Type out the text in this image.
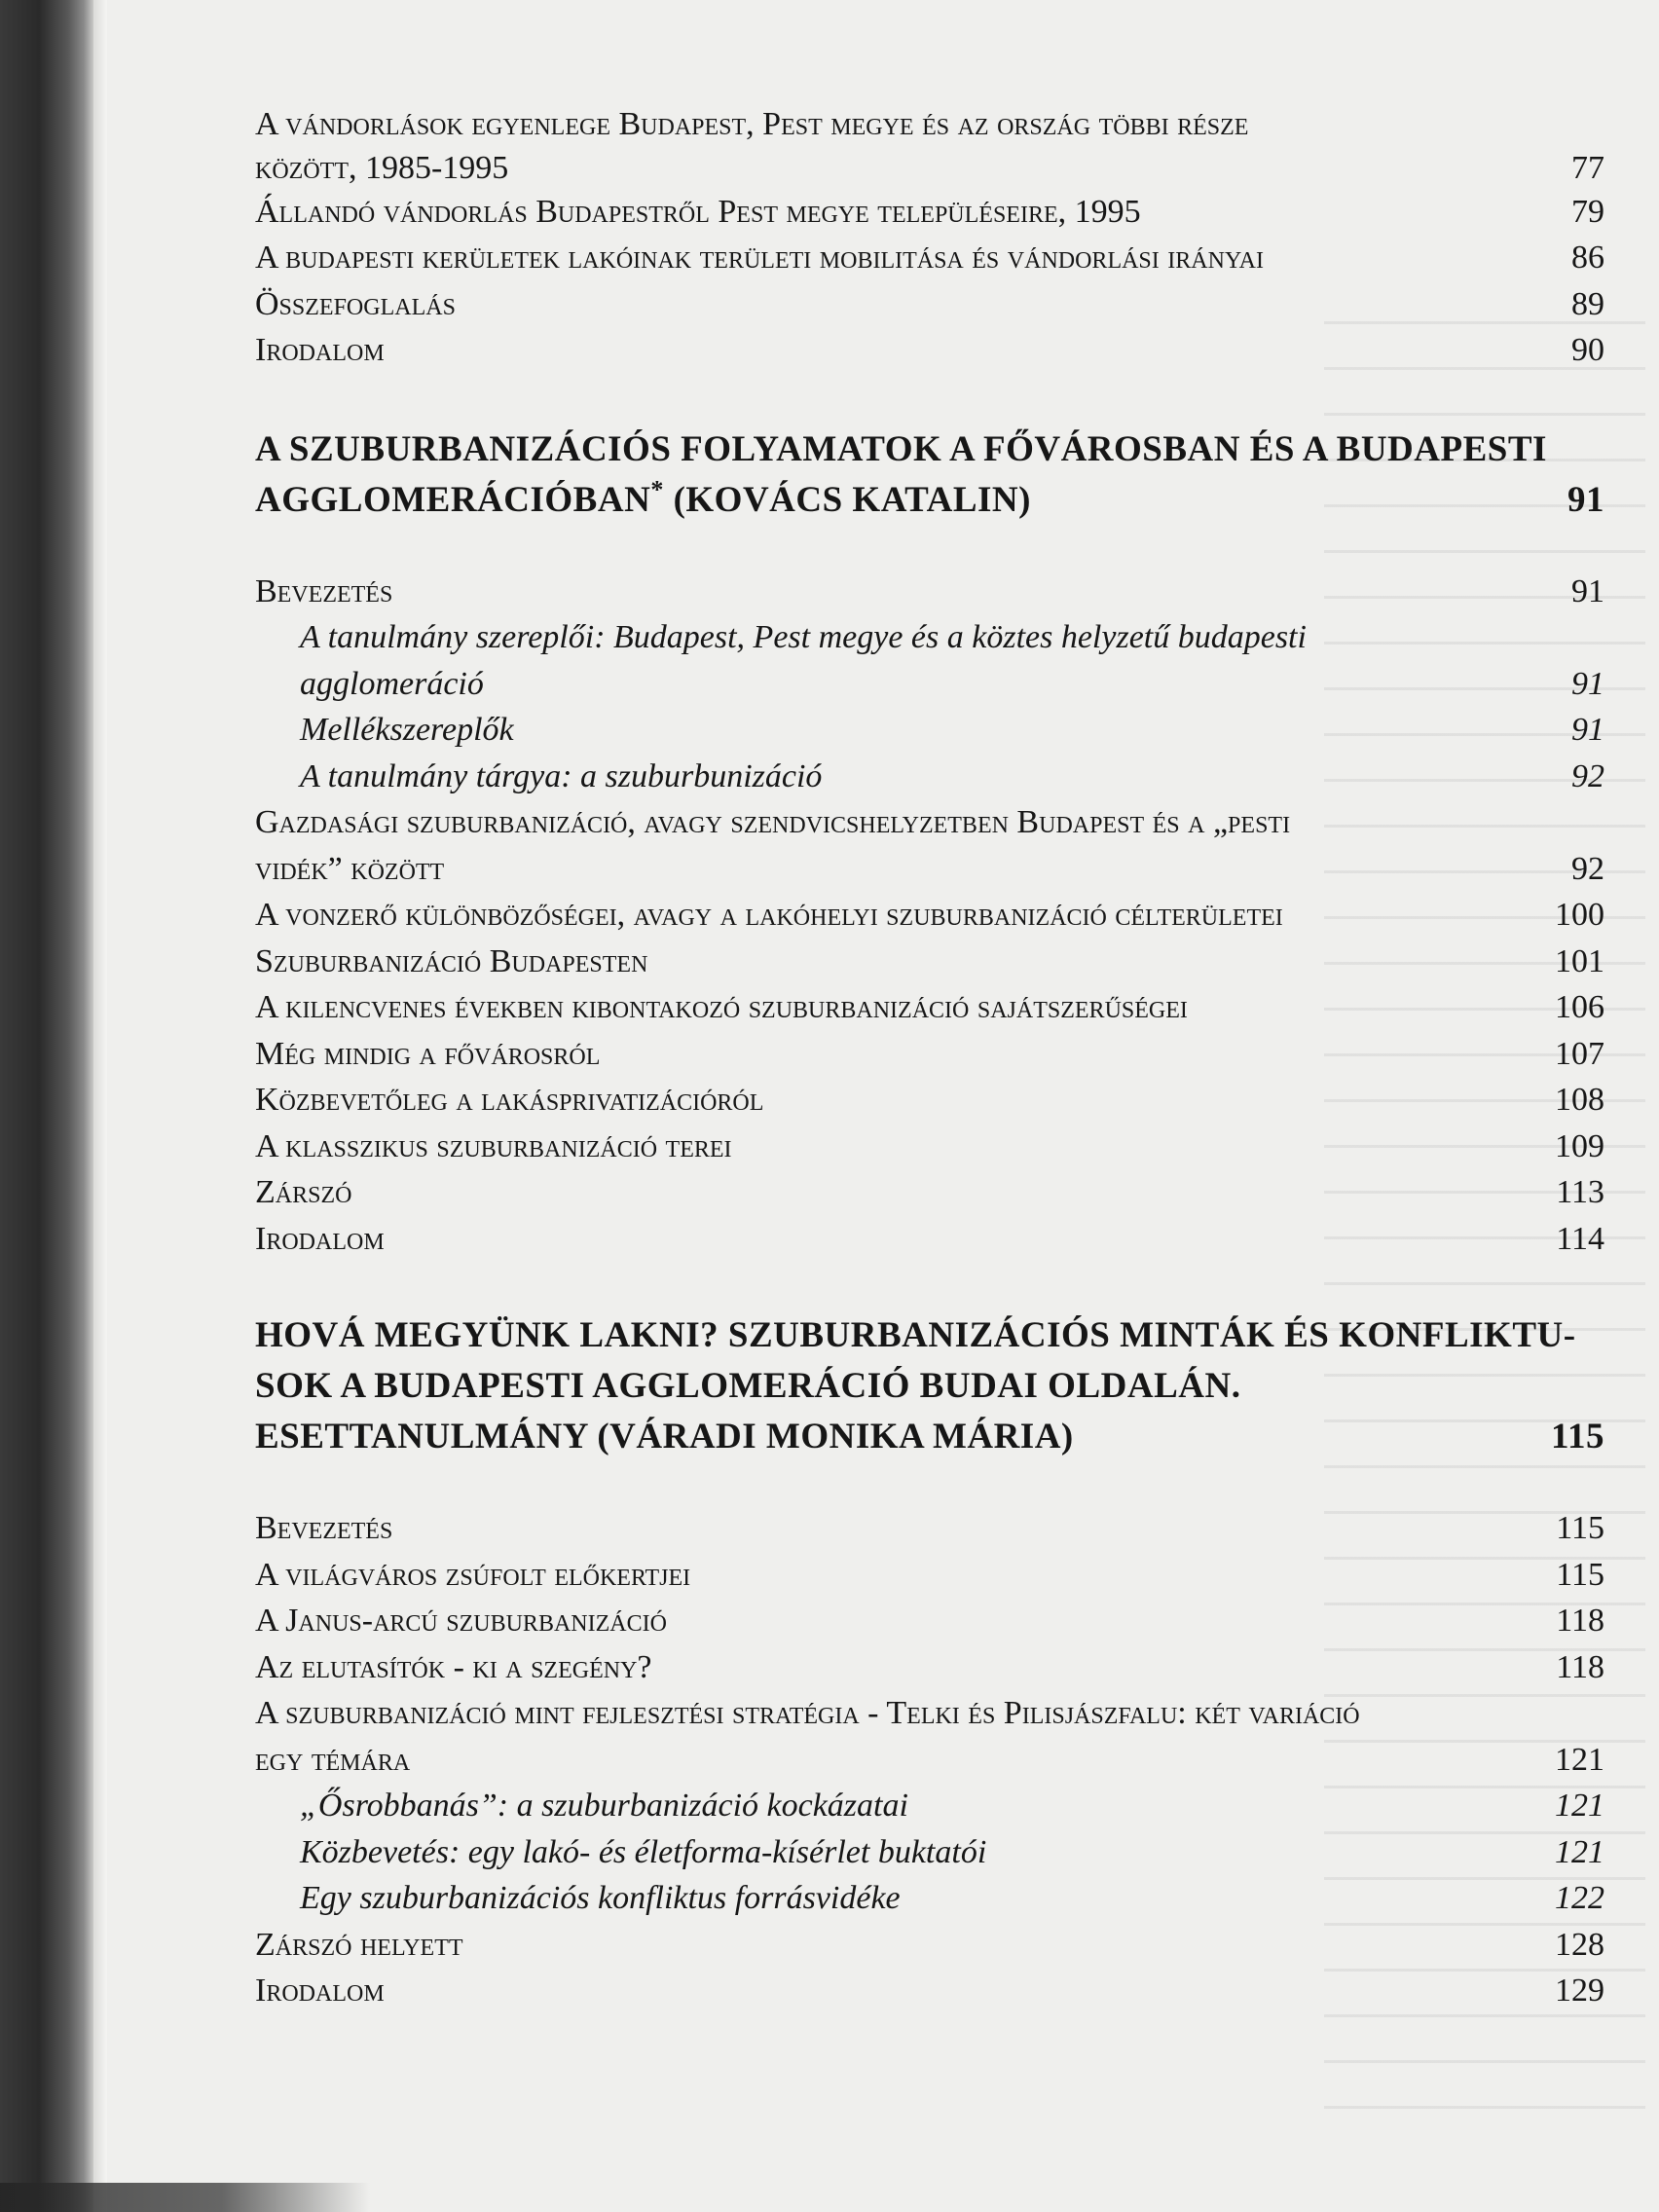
A vándorlások egyenlege Budapest, Pest megye és az ország többi része
között, 1985-1995	77
Állandó vándorlás Budapestről Pest megye településeire, 1995	79
A budapesti kerületek lakóinak területi mobilitása és vándorlási irányai	86
Összefoglalás	89
Irodalom	90
A SZUBURBANIZÁCIÓS FOLYAMATOK A FŐVÁROSBAN ÉS A BUDAPESTI
AGGLOMERÁCIÓBAN* (KOVÁCS KATALIN)	91
Bevezetés	91
A tanulmány szereplői: Budapest, Pest megye és a köztes helyzetű budapesti
agglomeráció	91
Mellékszereplők	91
A tanulmány tárgya: a szuburbunizáció	92
Gazdasági szuburbanizáció, avagy szendvicshelyzetben Budapest és a „pesti
vidék” között	92
A vonzerő különbözőségei, avagy a lakóhelyi szuburbanizáció célterületei	100
Szuburbanizáció Budapesten	101
A kilencvenes években kibontakozó szuburbanizáció sajátszerűségei	106
Még mindig a fővárosról	107
Közbevetőleg a lakásprivatizációról	108
A klasszikus szuburbanizáció terei	109
Zárszó	113
Irodalom	114
HOVÁ MEGYÜNK LAKNI? SZUBURBANIZÁCIÓS MINTÁK ÉS KONFLIKTU-
SOK A BUDAPESTI AGGLOMERÁCIÓ BUDAI OLDALÁN.
ESETTANULMÁNY (VÁRADI MONIKA MÁRIA)	115
Bevezetés	115
A világváros zsúfolt előkertjei	115
A Janus-arcú szuburbanizáció	118
Az elutasítók - ki a szegény?	118
A szuburbanizáció mint fejlesztési stratégia - Telki és Pilisjászfalu: két variáció
egy témára	121
„Ősrobbanás”: a szuburbanizáció kockázatai	121
Közbevetés: egy lakó- és életforma-kísérlet buktatói	121
Egy szuburbanizációs konfliktus forrásvidéke	122
Zárszó helyett	128
Irodalom	129
